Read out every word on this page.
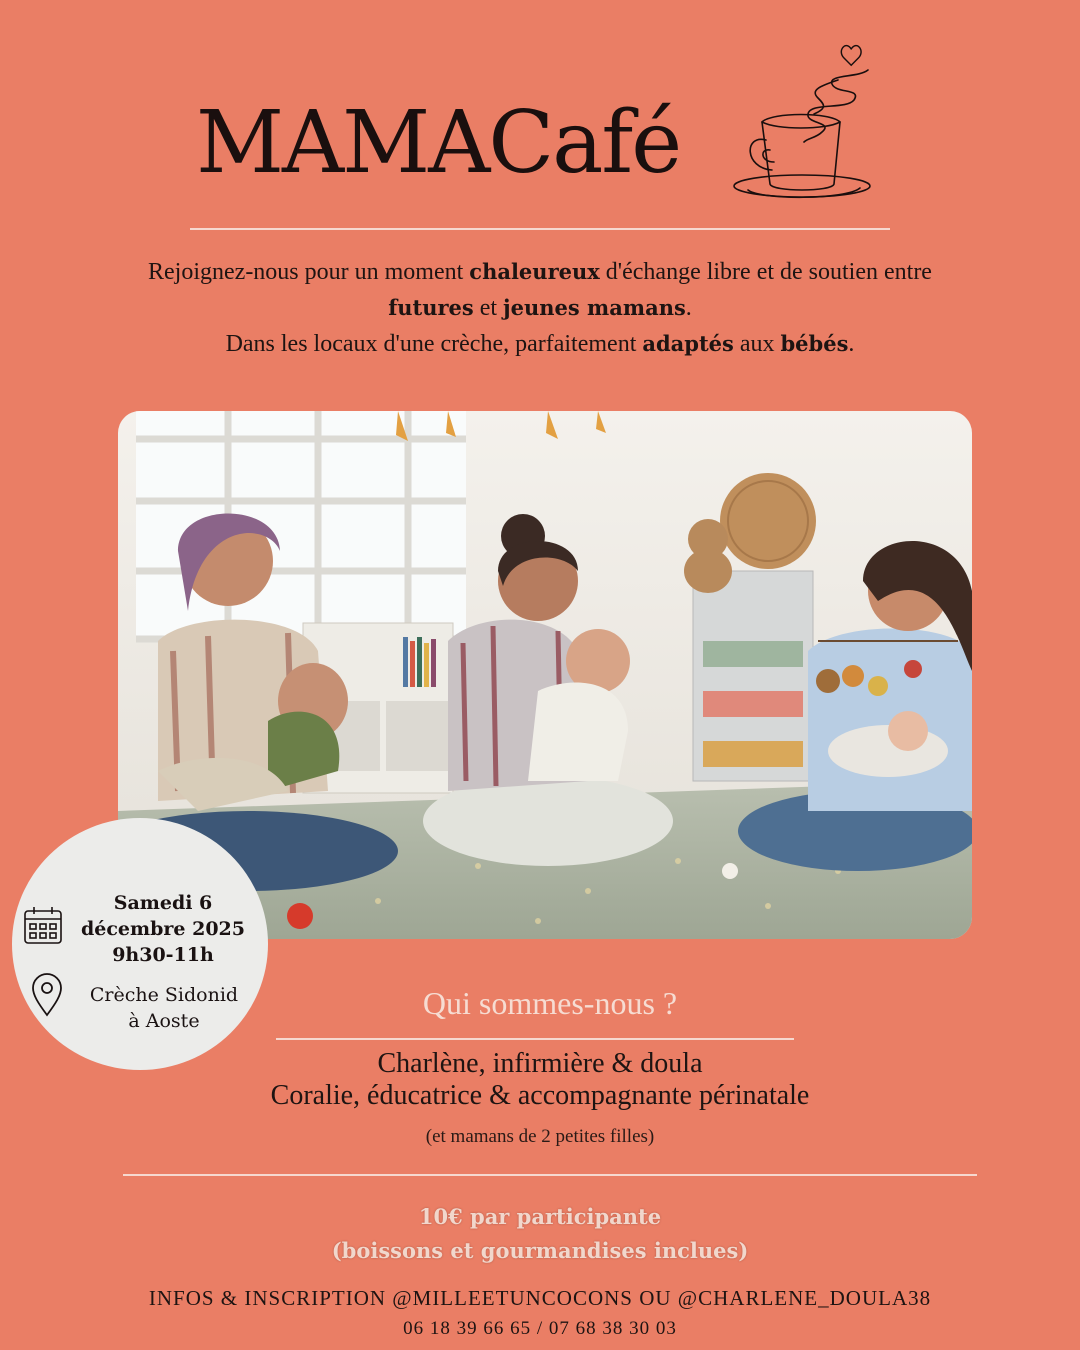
MAMACafé
Rejoignez-nous pour un moment chaleureux d'échange libre et de soutien entre
futures et jeunes mamans.
Dans les locaux d'une crèche, parfaitement adaptés aux bébés.
Samedi 6
décembre 2025
9h30-11h
Crèche Sidonid
à Aoste	Qui sommes-nous ?
Charlène, infirmière & doula
Coralie, éducatrice & accompagnante périnatale
(et mamans de 2 petites filles)
10€ par participante
(boissons et gourmandises inclues)
INFOS & INSCRIPTION @MILLEETUNCOCONS OU @CHARLENE_DOULA38
06 18 39 66 65 / 07 68 38 30 03
